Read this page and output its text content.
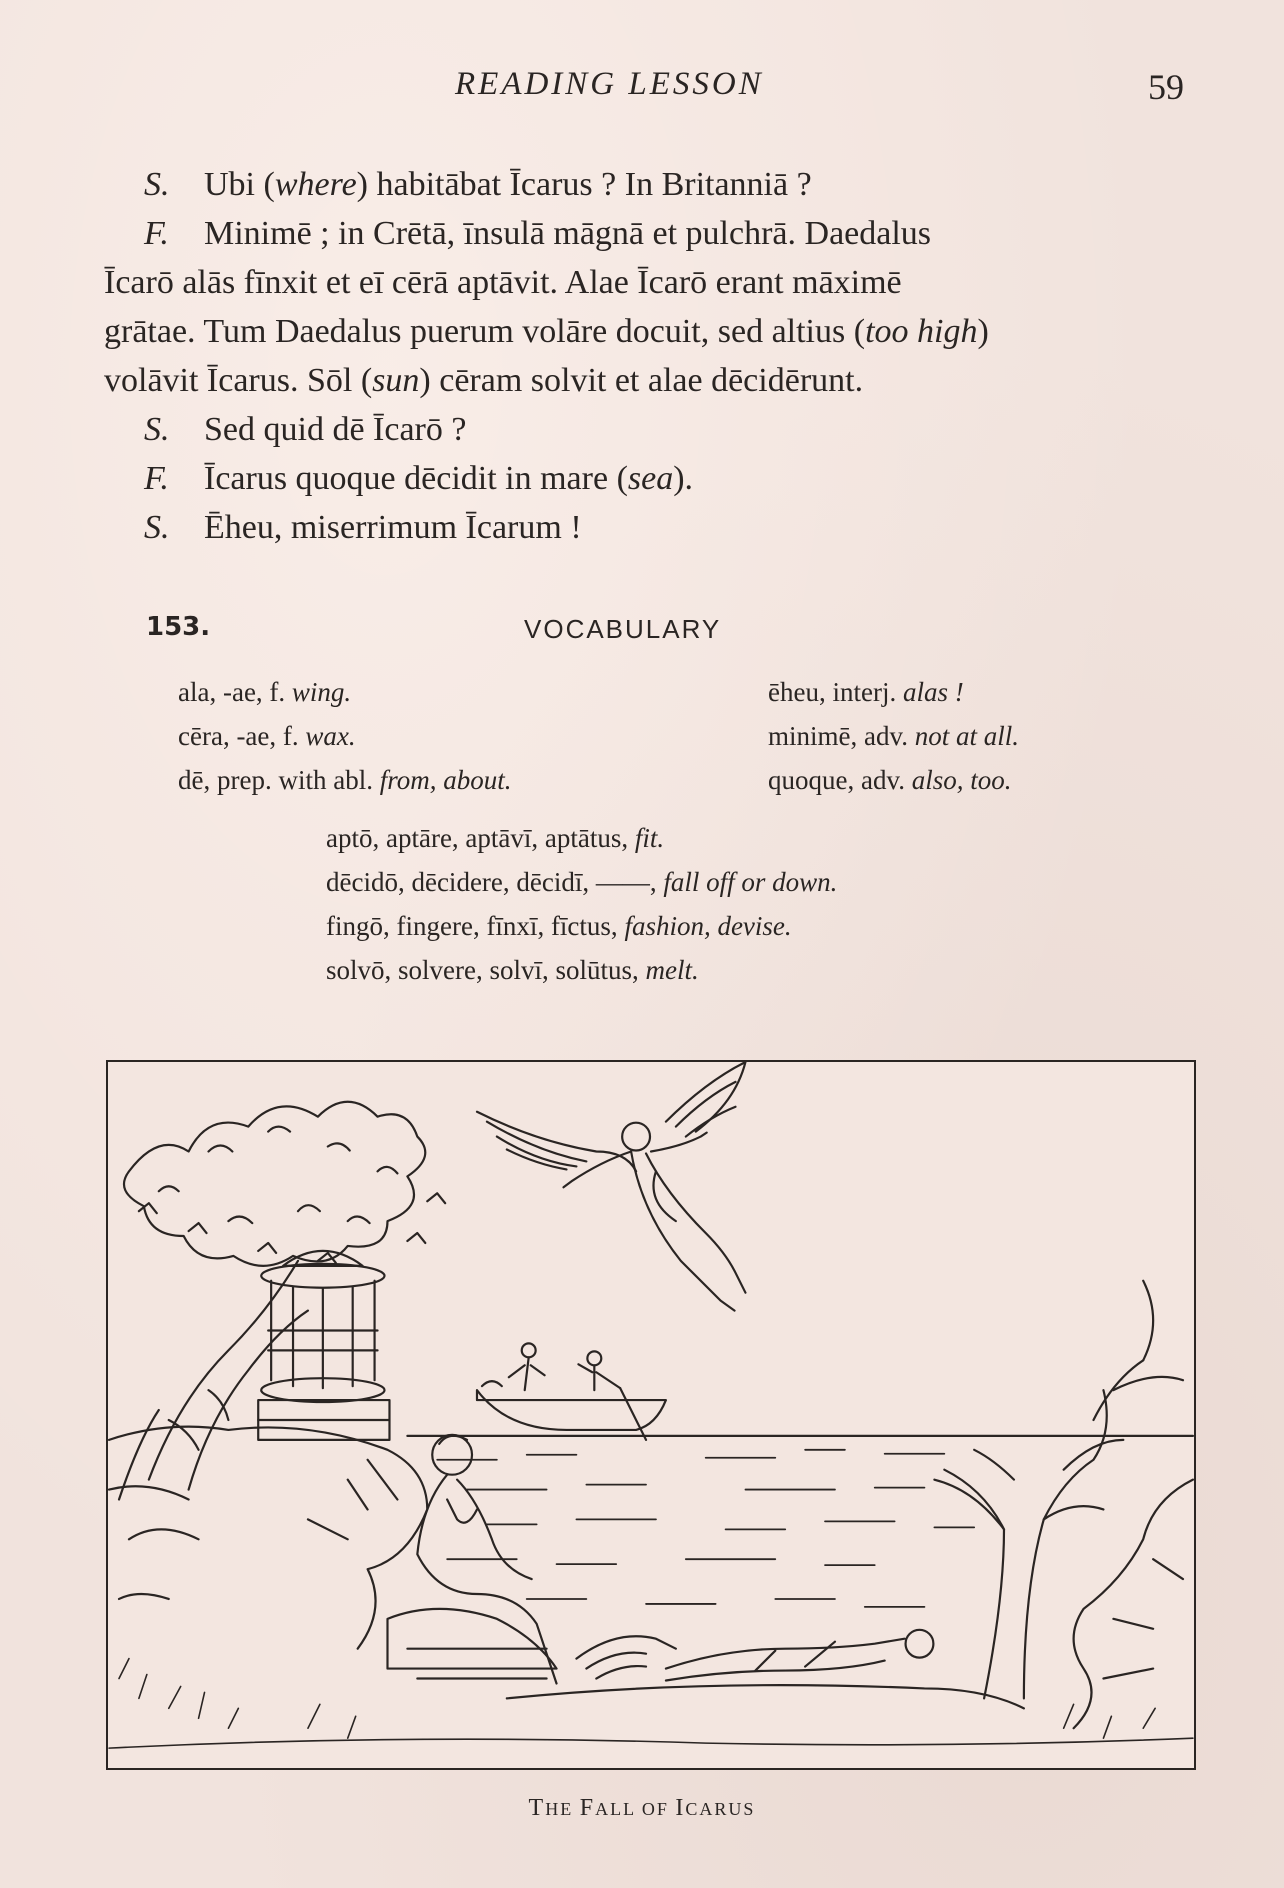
READING LESSON	59
S. Ubi (where) habitābat Īcarus ? In Britanniā ?
F. Minimē ; in Crētā, īnsulā māgnā et pulchrā. Daedalus
Īcarō alās fīnxit et eī cērā aptāvit. Alae Īcarō erant māximē
grātae. Tum Daedalus puerum volāre docuit, sed altius (too high)
volāvit Īcarus. Sōl (sun) cēram solvit et alae dēcidērunt.
S. Sed quid dē Īcarō ?
F. Īcarus quoque dēcidit in mare (sea).
S. Ēheu, miserrimum Īcarum !
153.	VOCABULARY
ala, -ae, f. wing.
cēra, -ae, f. wax.
dē, prep. with abl. from, about.
ēheu, interj. alas !
minimē, adv. not at all.
quoque, adv. also, too.
aptō, aptāre, aptāvī, aptātus, fit.
dēcidō, dēcidere, dēcidī, ——, fall off or down.
fingō, fingere, fīnxī, fīctus, fashion, devise.
solvō, solvere, solvī, solūtus, melt.
THE FALL OF ICARUS
